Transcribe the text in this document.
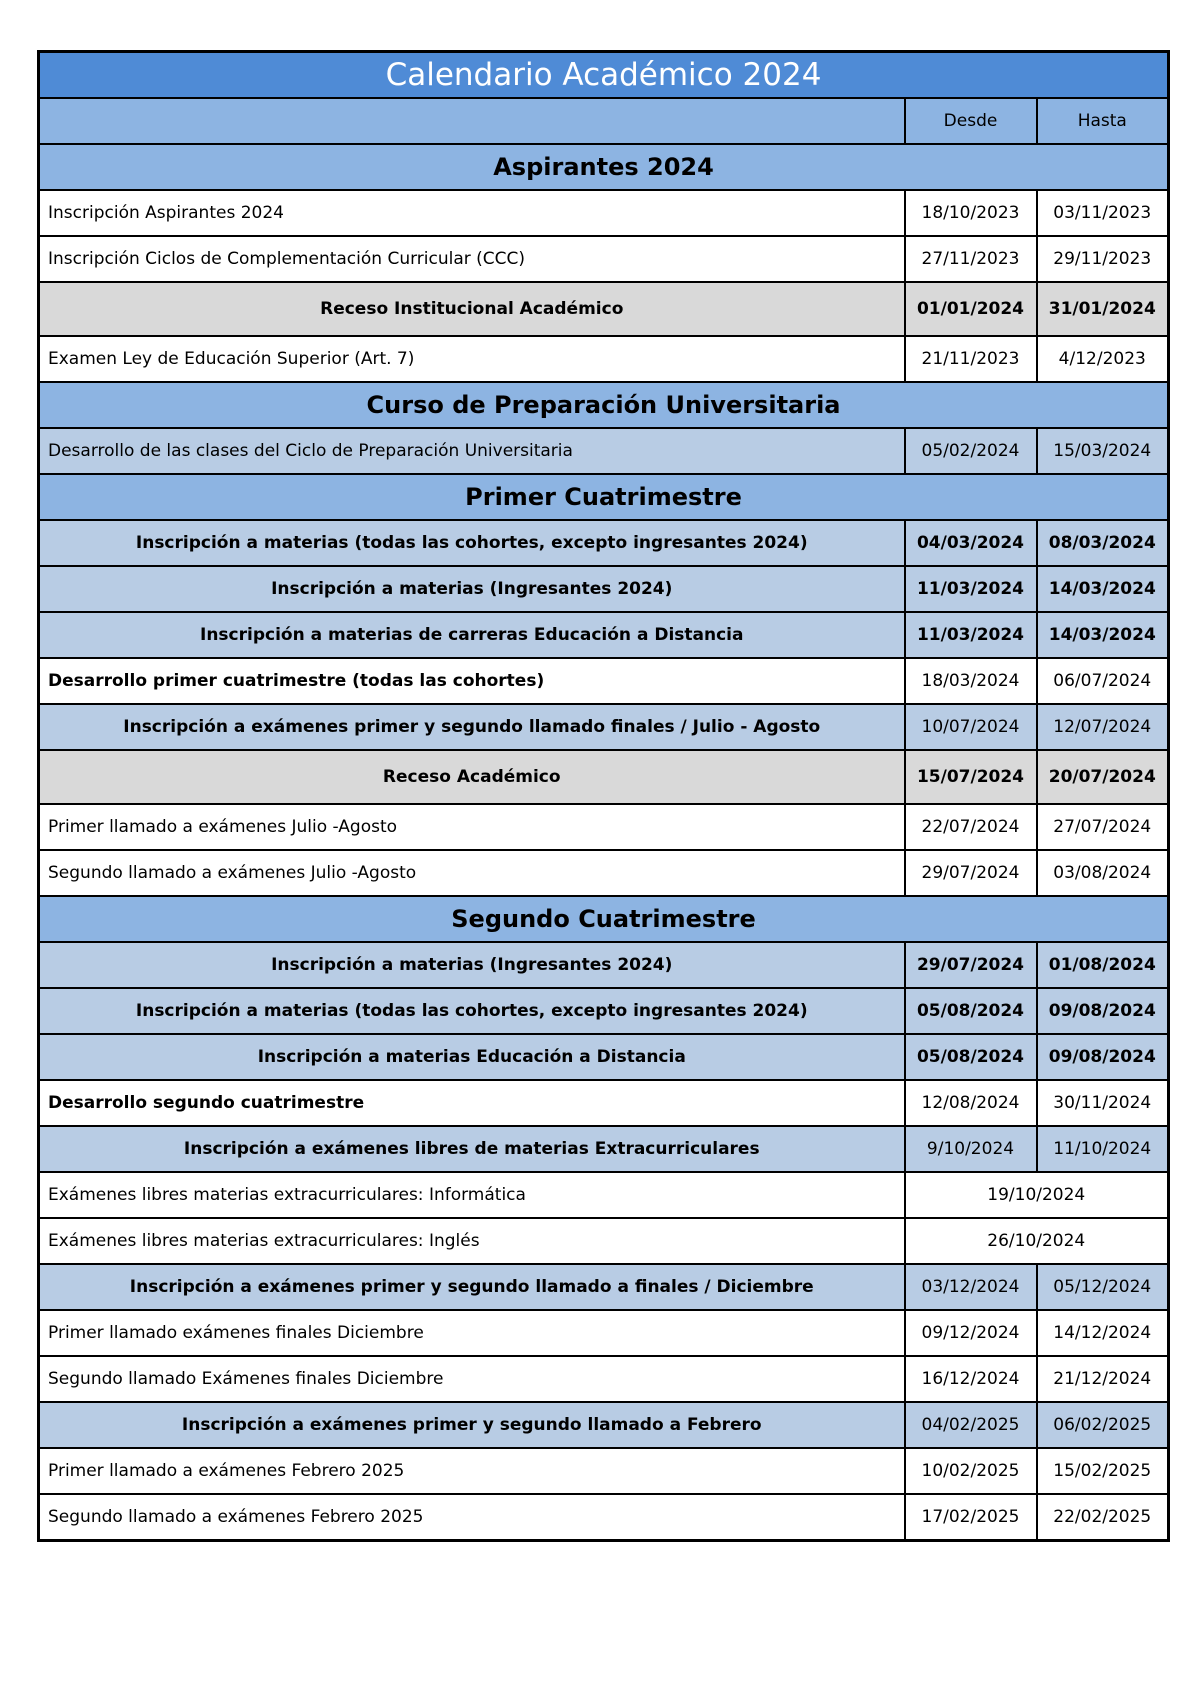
Calendario Académico 2024		
	Desde	Hasta
Aspirantes 2024		
Inscripción Aspirantes 2024	18/10/2023	03/11/2023
Inscripción Ciclos de Complementación Curricular (CCC)	27/11/2023	29/11/2023
Receso Institucional Académico	01/01/2024	31/01/2024
Examen Ley de Educación Superior (Art. 7)	21/11/2023	4/12/2023
Curso de Preparación Universitaria		
Desarrollo de las clases del Ciclo de Preparación Universitaria	05/02/2024	15/03/2024
Primer Cuatrimestre		
Inscripción a materias (todas las cohortes, excepto ingresantes 2024)	04/03/2024	08/03/2024
Inscripción a materias (Ingresantes 2024)	11/03/2024	14/03/2024
Inscripción a materias de carreras Educación a Distancia	11/03/2024	14/03/2024
Desarrollo primer cuatrimestre (todas las cohortes)	18/03/2024	06/07/2024
Inscripción a exámenes primer y segundo llamado finales / Julio - Agosto	10/07/2024	12/07/2024
Receso Académico	15/07/2024	20/07/2024
Primer llamado a exámenes Julio -Agosto	22/07/2024	27/07/2024
Segundo llamado a exámenes Julio -Agosto	29/07/2024	03/08/2024
Segundo Cuatrimestre		
Inscripción a materias (Ingresantes 2024)	29/07/2024	01/08/2024
Inscripción a materias (todas las cohortes, excepto ingresantes 2024)	05/08/2024	09/08/2024
Inscripción a materias Educación a Distancia	05/08/2024	09/08/2024
Desarrollo segundo cuatrimestre	12/08/2024	30/11/2024
Inscripción a exámenes libres de materias Extracurriculares	9/10/2024	11/10/2024
Exámenes libres materias extracurriculares: Informática	19/10/2024	
Exámenes libres materias extracurriculares: Inglés	26/10/2024	
Inscripción a exámenes primer y segundo llamado a finales / Diciembre	03/12/2024	05/12/2024
Primer llamado exámenes finales Diciembre	09/12/2024	14/12/2024
Segundo llamado Exámenes finales Diciembre	16/12/2024	21/12/2024
Inscripción a exámenes primer y segundo llamado a Febrero	04/02/2025	06/02/2025
Primer llamado a exámenes Febrero 2025	10/02/2025	15/02/2025
Segundo llamado a exámenes Febrero 2025	17/02/2025	22/02/2025
